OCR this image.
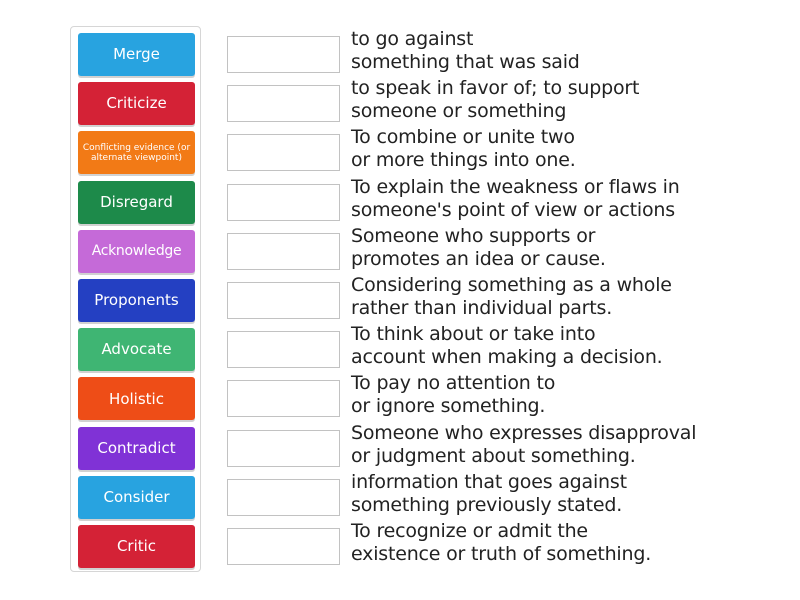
Merge
Criticize
Conflicting evidence (or alternate viewpoint)
Disregard
Acknowledge
Proponents
Advocate
Holistic
Contradict
Consider
Critic
to go against
something that was said
to speak in favor of; to support
someone or something
To combine or unite two
or more things into one.
To explain the weakness or flaws in
someone's point of view or actions
Someone who supports or
promotes an idea or cause.
Considering something as a whole
rather than individual parts.
To think about or take into
account when making a decision.
To pay no attention to
or ignore something.
Someone who expresses disapproval
or judgment about something.
information that goes against
something previously stated.
To recognize or admit the
existence or truth of something.
